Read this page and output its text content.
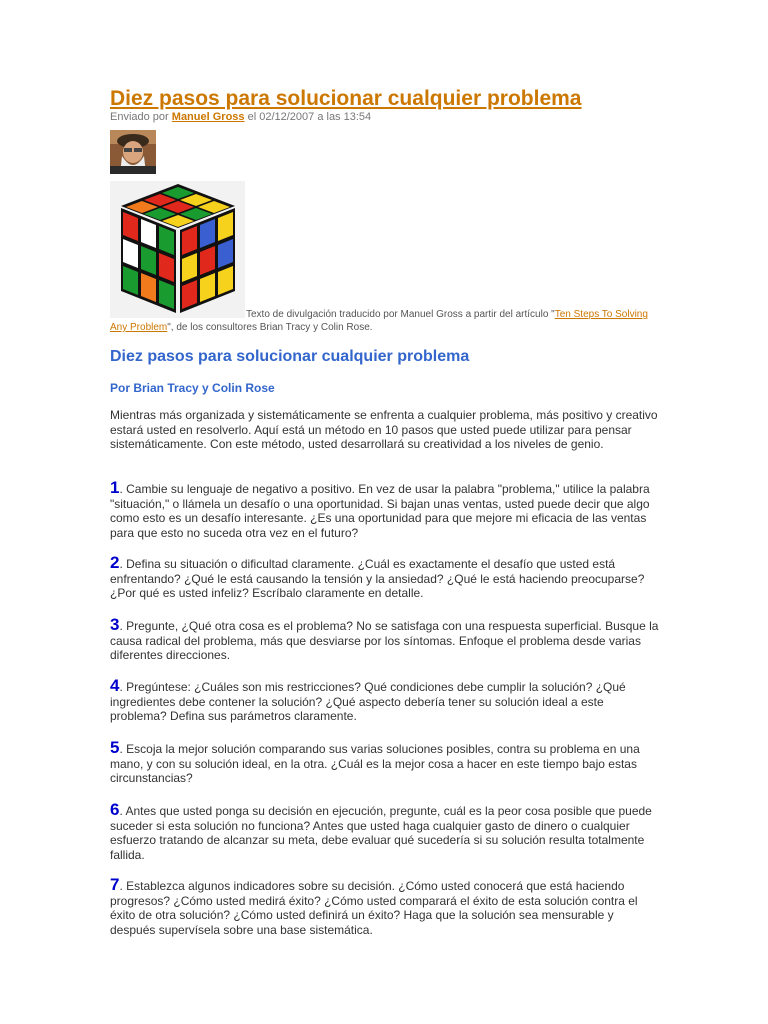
Diez pasos para solucionar cualquier problema
Enviado por Manuel Gross el 02/12/2007 a las 13:54
Texto de divulgación traducido por Manuel Gross a partir del artículo "Ten Steps To Solving Any Problem", de los consultores Brian Tracy y Colin Rose.
Diez pasos para solucionar cualquier problema
Por Brian Tracy y Colin Rose

Mientras más organizada y sistemáticamente se enfrenta a cualquier problema, más positivo y creativo estará usted en resolverlo. Aquí está un método en 10 pasos que usted puede utilizar para pensar sistemáticamente. Con este método, usted desarrollará su creatividad a los niveles de genio.

1. Cambie su lenguaje de negativo a positivo. En vez de usar la palabra "problema," utilice la palabra "situación," o llámela un desafío o una oportunidad. Si bajan unas ventas, usted puede decir que algo como esto es un desafío interesante. ¿Es una oportunidad para que mejore mi eficacia de las ventas para que esto no suceda otra vez en el futuro?

2. Defina su situación o dificultad claramente. ¿Cuál es exactamente el desafío que usted está enfrentando? ¿Qué le está causando la tensión y la ansiedad? ¿Qué le está haciendo preocuparse? ¿Por qué es usted infeliz? Escríbalo claramente en detalle.

3. Pregunte, ¿Qué otra cosa es el problema? No se satisfaga con una respuesta superficial. Busque la causa radical del problema, más que desviarse por los síntomas. Enfoque el problema desde varias diferentes direcciones.

4. Pregúntese: ¿Cuáles son mis restricciones? Qué condiciones debe cumplir la solución? ¿Qué ingredientes debe contener la solución? ¿Qué aspecto debería tener su solución ideal a este problema? Defina sus parámetros claramente.

5. Escoja la mejor solución comparando sus varias soluciones posibles, contra su problema en una mano, y con su solución ideal, en la otra. ¿Cuál es la mejor cosa a hacer en este tiempo bajo estas circunstancias?

6. Antes que usted ponga su decisión en ejecución, pregunte, cuál es la peor cosa posible que puede suceder si esta solución no funciona? Antes que usted haga cualquier gasto de dinero o cualquier esfuerzo tratando de alcanzar su meta, debe evaluar qué sucedería si su solución resulta totalmente fallida.

7. Establezca algunos indicadores sobre su decisión. ¿Cómo usted conocerá que está haciendo progresos? ¿Cómo usted medirá éxito? ¿Cómo usted comparará el éxito de esta solución contra el éxito de otra solución? ¿Cómo usted definirá un éxito? Haga que la solución sea mensurable y después supervísela sobre una base sistemática.
